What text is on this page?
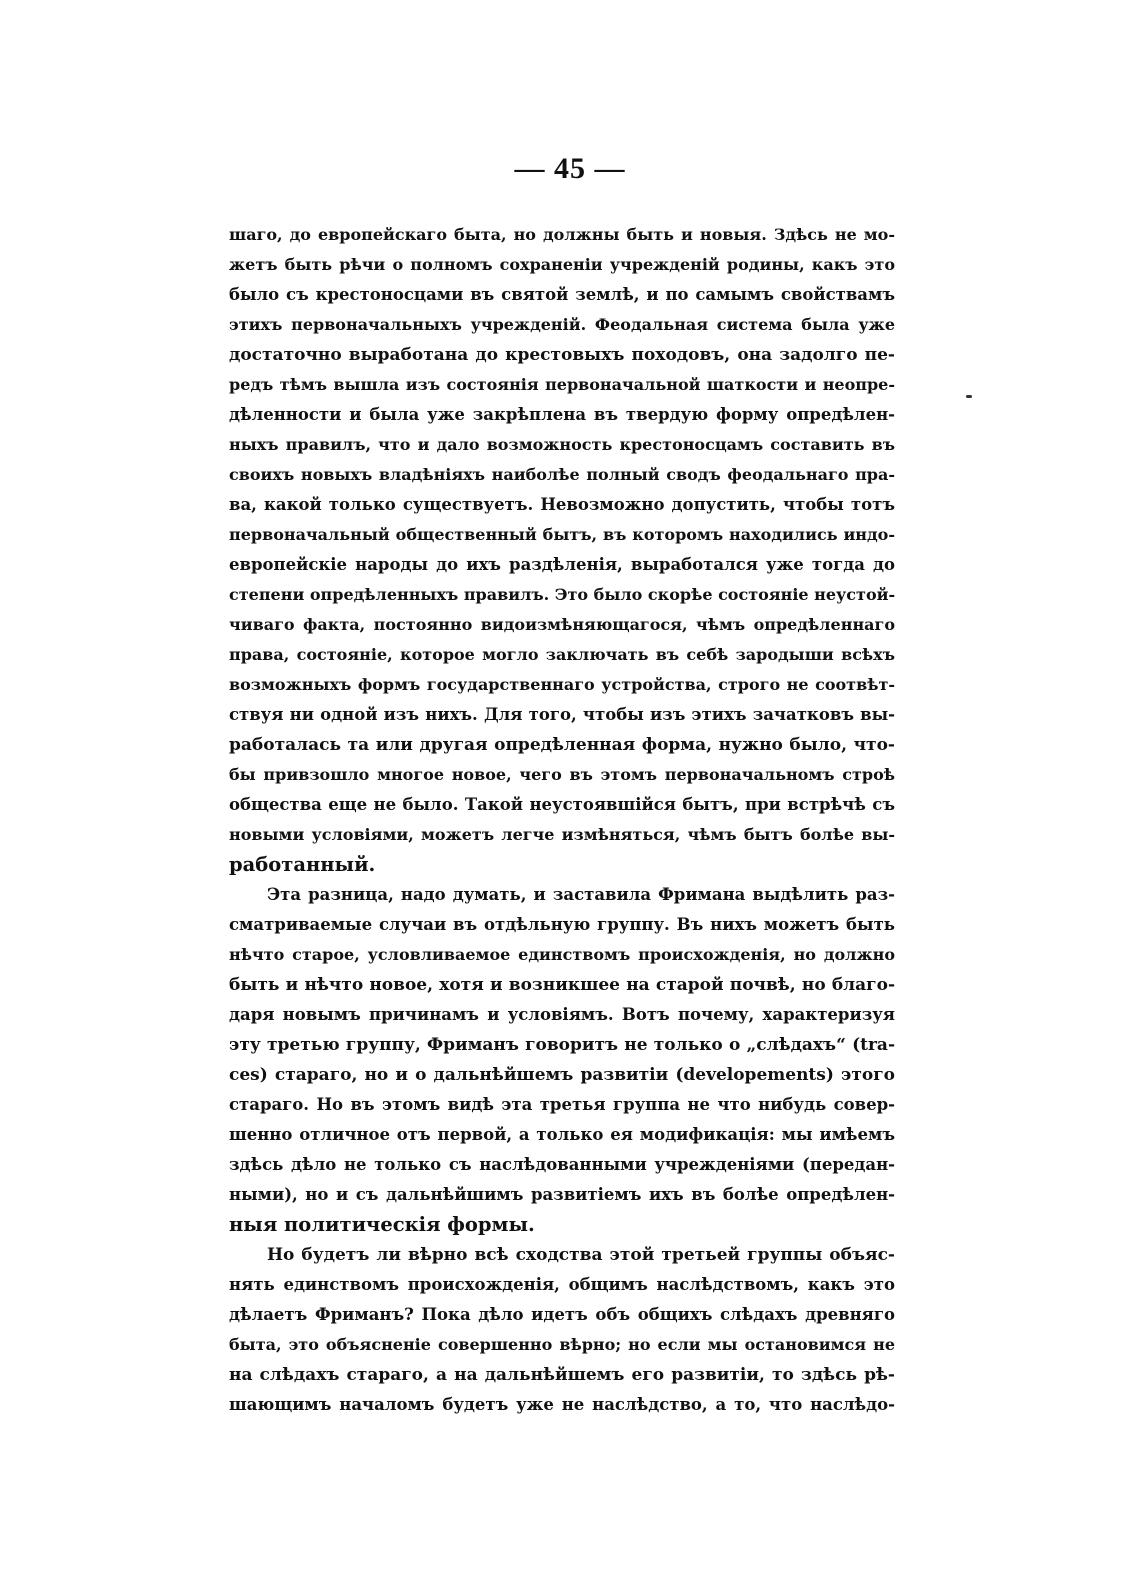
— 45 —
шаго, до европейскаго быта, но должны быть и новыя. Здѣсь не мо-
жетъ быть рѣчи о полномъ сохраненіи учрежденій родины, какъ это
было съ крестоносцами въ святой землѣ, и по самымъ свойствамъ
этихъ первоначальныхъ учрежденій. Феодальная система была уже
достаточно выработана до крестовыхъ походовъ, она задолго пе-
редъ тѣмъ вышла изъ состоянія первоначальной шаткости и неопре-
дѣленности и была уже закрѣплена въ твердую форму опредѣлен-
ныхъ правилъ, что и дало возможность крестоносцамъ составить въ
своихъ новыхъ владѣніяхъ наиболѣе полный сводъ феодальнаго пра-
ва, какой только существуетъ. Невозможно допустить, чтобы тотъ
первоначальный общественный бытъ, въ которомъ находились индо-
европейскіе народы до ихъ раздѣленія, выработался уже тогда до
степени опредѣленныхъ правилъ. Это было скорѣе состояніе неустой-
чиваго факта, постоянно видоизмѣняющагося, чѣмъ опредѣленнаго
права, состояніе, которое могло заключать въ себѣ зародыши всѣхъ
возможныхъ формъ государственнаго устройства, строго не соотвѣт-
ствуя ни одной изъ нихъ. Для того, чтобы изъ этихъ зачатковъ вы-
работалась та или другая опредѣленная форма, нужно было, что-
бы привзошло многое новое, чего въ этомъ первоначальномъ строѣ
общества еще не было. Такой неустоявшійся бытъ, при встрѣчѣ съ
новыми условіями, можетъ легче измѣняться, чѣмъ бытъ болѣе вы-
работанный.
Эта разница, надо думать, и заставила Фримана выдѣлить раз-
сматриваемые случаи въ отдѣльную группу. Въ нихъ можетъ быть
нѣчто старое, условливаемое единствомъ происхожденія, но должно
быть и нѣчто новое, хотя и возникшее на старой почвѣ, но благо-
даря новымъ причинамъ и условіямъ. Вотъ почему, характеризуя
эту третью группу, Фриманъ говоритъ не только о „слѣдахъ“ (tra-
ces) стараго, но и о дальнѣйшемъ развитіи (developements) этого
стараго. Но въ этомъ видѣ эта третья группа не что нибудь совер-
шенно отличное отъ первой, а только ея модификація: мы имѣемъ
здѣсь дѣло не только съ наслѣдованными учрежденіями (передан-
ными), но и съ дальнѣйшимъ развитіемъ ихъ въ болѣе опредѣлен-
ныя политическія формы.
Но будетъ ли вѣрно всѣ сходства этой третьей группы объяс-
нять единствомъ происхожденія, общимъ наслѣдствомъ, какъ это
дѣлаетъ Фриманъ? Пока дѣло идетъ объ общихъ слѣдахъ древняго
быта, это объясненіе совершенно вѣрно; но если мы остановимся не
на слѣдахъ стараго, а на дальнѣйшемъ его развитіи, то здѣсь рѣ-
шающимъ началомъ будетъ уже не наслѣдство, а то, что наслѣдо-
